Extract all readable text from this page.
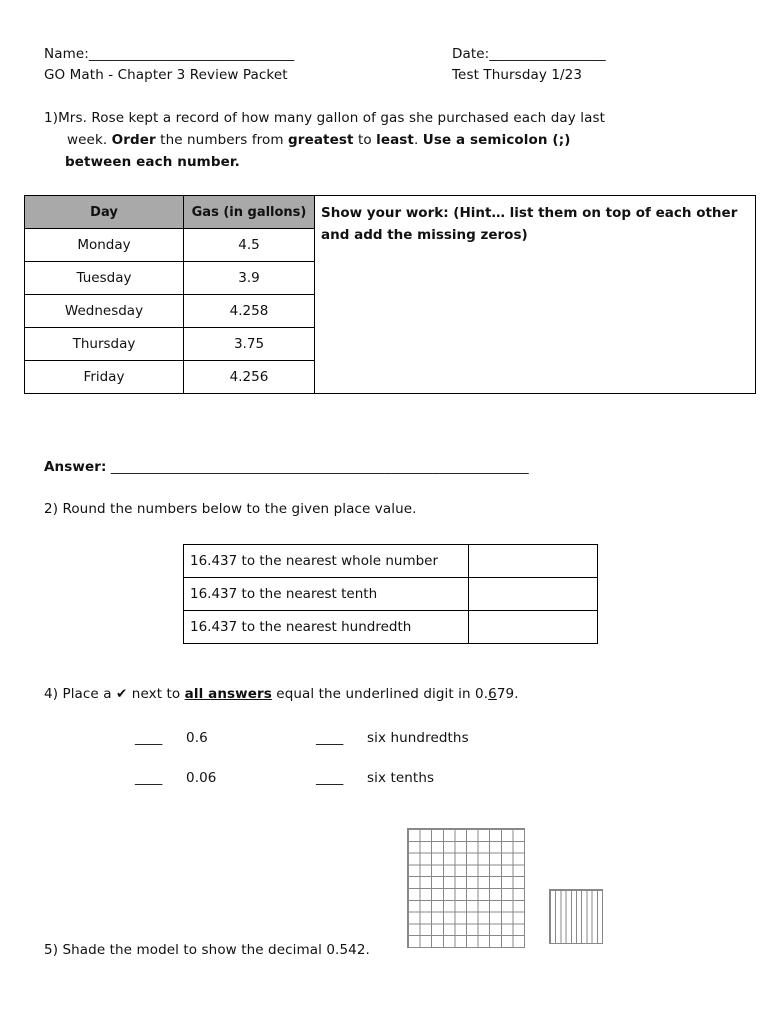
Name:______________________________	Date:_________________
GO Math - Chapter 3 Review Packet	Test Thursday 1/23
1)Mrs. Rose kept a record of how many gallon of gas she purchased each day last
week. Order the numbers from greatest to least. Use a semicolon (;)
between each number.
Day	Gas (in gallons)	Show your work: (Hint… list them on top of each other and add the missing zeros)
Monday	4.5	
Tuesday	3.9	
Wednesday	4.258	
Thursday	3.75	
Friday	4.256	
Answer: _____________________________________________________________
2) Round the numbers below to the given place value.
16.437 to the nearest whole number	
16.437 to the nearest tenth	
16.437 to the nearest hundredth	
4) Place a ✔ next to all answers equal the underlined digit in 0.679.
____ 0.6	____ six hundredths
____ 0.06	____ six tenths
5) Shade the model to show the decimal 0.542.
